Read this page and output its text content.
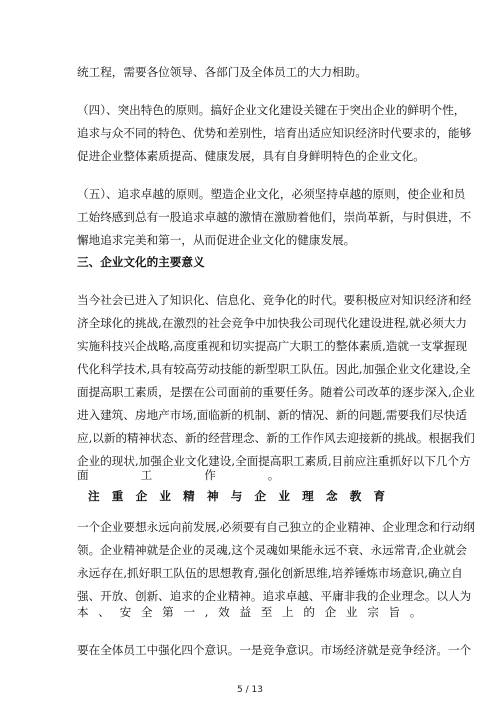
统工程，需要各位领导、各部门及全体员工的大力相助。
（四）、突出特色的原则。搞好企业文化建设关键在于突出企业的鲜明个性，
追求与众不同的特色、优势和差别性，培育出适应知识经济时代要求的，能够
促进企业整体素质提高、健康发展，具有自身鲜明特色的企业文化。
（五）、追求卓越的原则。塑造企业文化，必须坚持卓越的原则，使企业和员
工始终感到总有一股追求卓越的激情在激励着他们，崇尚革新，与时俱进，不
懈地追求完美和第一，从而促进企业文化的健康发展。
三、企业文化的主要意义
当今社会已进入了知识化、信息化、竞争化的时代。要积极应对知识经济和经
济全球化的挑战,在激烈的社会竞争中加快我公司现代化建设进程,就必须大力
实施科技兴企战略,高度重视和切实提高广大职工的整体素质,造就一支掌握现
代化科学技术,具有较高劳动技能的新型职工队伍。因此,加强企业文化建设,全
面提高职工素质，是摆在公司面前的重要任务。随着公司改革的逐步深入,企业
进入建筑、房地产市场,面临新的机制、新的情况、新的问题,需要我们尽快适
应,以新的精神状态、新的经营理念、新的工作作风去迎接新的挑战。根据我们
企业的现状,加强企业文化建设,全面提高职工素质,目前应注重抓好以下几个方
面工作。
注重企业精神与企业理念教育
一个企业要想永远向前发展,必须要有自己独立的企业精神、企业理念和行动纲
领。企业精神就是企业的灵魂,这个灵魂如果能永远不衰、永远常青,企业就会
永远存在,抓好职工队伍的思想教育,强化创新思维,培养锤炼市场意识,确立自
强、开放、创新、追求的企业精神。追求卓越、平庸非我的企业理念。以人为
本、安全第一,效益至上的企业宗旨。
要在全体员工中强化四个意识。一是竞争意识。市场经济就是竞争经济。一个
5 / 13
